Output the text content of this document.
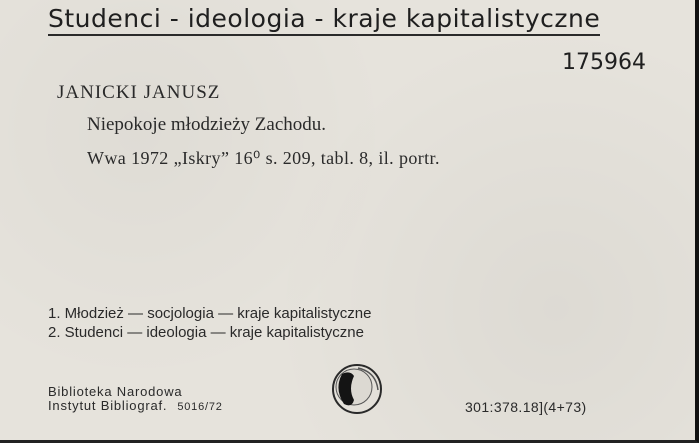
Studenci - ideologia - kraje kapitalistyczne
175964
JANICKI JANUSZ
Niepokoje młodzieży Zachodu.
Wwa 1972 „Iskry” 16⁰ s. 209, tabl. 8, il. portr.
1. Młodzież — socjologia — kraje kapitalistyczne
2. Studenci — ideologia — kraje kapitalistyczne
Biblioteka Narodowa
Instytut Bibliograf. 5016/72	301:378.18](4+73)
